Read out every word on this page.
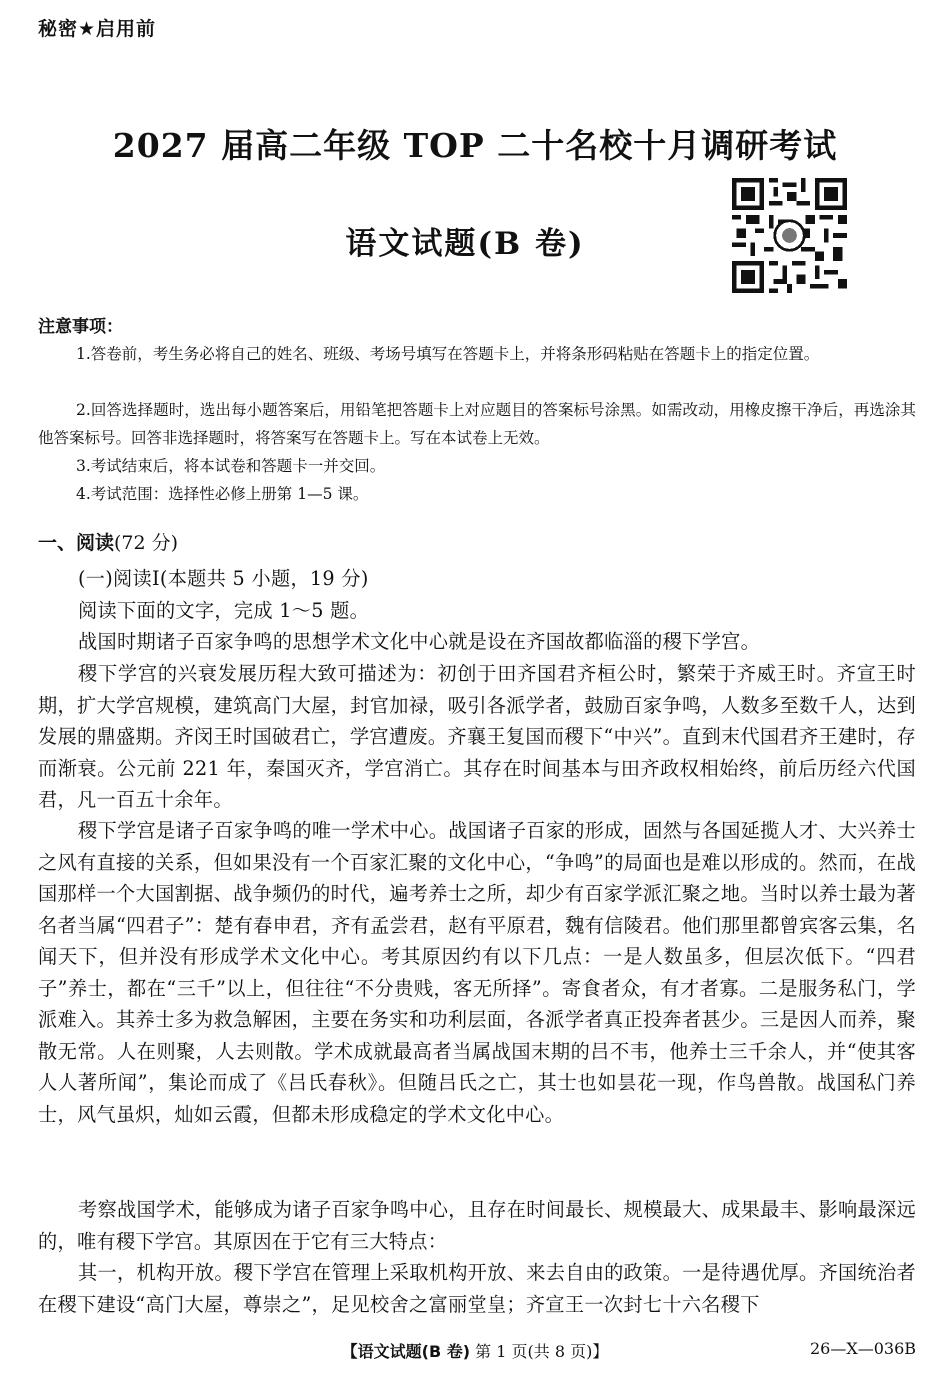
秘密★启用前
2027 届高二年级 TOP 二十名校十月调研考试
语文试题(B 卷)
注意事项：
1.答卷前，考生务必将自己的姓名、班级、考场号填写在答题卡上，并将条形码粘贴在答题卡上的指定位置。
2.回答选择题时，选出每小题答案后，用铅笔把答题卡上对应题目的答案标号涂黑。如需改动，用橡皮擦干净后，再选涂其他答案标号。回答非选择题时，将答案写在答题卡上。写在本试卷上无效。
3.考试结束后，将本试卷和答题卡一并交回。
4.考试范围：选择性必修上册第 1—5 课。
一、阅读(72 分)
(一)阅读Ⅰ(本题共 5 小题，19 分)
阅读下面的文字，完成 1～5 题。
战国时期诸子百家争鸣的思想学术文化中心就是设在齐国故都临淄的稷下学宫。
稷下学宫的兴衰发展历程大致可描述为：初创于田齐国君齐桓公时，繁荣于齐威王时。齐宣王时期，扩大学宫规模，建筑高门大屋，封官加禄，吸引各派学者，鼓励百家争鸣，人数多至数千人，达到发展的鼎盛期。齐闵王时国破君亡，学宫遭废。齐襄王复国而稷下“中兴”。直到末代国君齐王建时，存而渐衰。公元前 221 年，秦国灭齐，学宫消亡。其存在时间基本与田齐政权相始终，前后历经六代国君，凡一百五十余年。
稷下学宫是诸子百家争鸣的唯一学术中心。战国诸子百家的形成，固然与各国延揽人才、大兴养士之风有直接的关系，但如果没有一个百家汇聚的文化中心，“争鸣”的局面也是难以形成的。然而，在战国那样一个大国割据、战争频仍的时代，遍考养士之所，却少有百家学派汇聚之地。当时以养士最为著名者当属“四君子”：楚有春申君，齐有孟尝君，赵有平原君，魏有信陵君。他们那里都曾宾客云集，名闻天下，但并没有形成学术文化中心。考其原因约有以下几点：一是人数虽多，但层次低下。“四君子”养士，都在“三千”以上，但往往“不分贵贱，客无所择”。寄食者众，有才者寡。二是服务私门，学派难入。其养士多为救急解困，主要在务实和功利层面，各派学者真正投奔者甚少。三是因人而养，聚散无常。人在则聚，人去则散。学术成就最高者当属战国末期的吕不韦，他养士三千余人，并“使其客人人著所闻”，集论而成了《吕氏春秋》。但随吕氏之亡，其士也如昙花一现，作鸟兽散。战国私门养士，风气虽炽，灿如云霞，但都未形成稳定的学术文化中心。
考察战国学术，能够成为诸子百家争鸣中心，且存在时间最长、规模最大、成果最丰、影响最深远的，唯有稷下学宫。其原因在于它有三大特点：
其一，机构开放。稷下学宫在管理上采取机构开放、来去自由的政策。一是待遇优厚。齐国统治者在稷下建设“高门大屋，尊崇之”，足见校舍之富丽堂皇；齐宣王一次封七十六名稷下
【语文试题(B 卷) 第 1 页(共 8 页)】	26—X—036B
